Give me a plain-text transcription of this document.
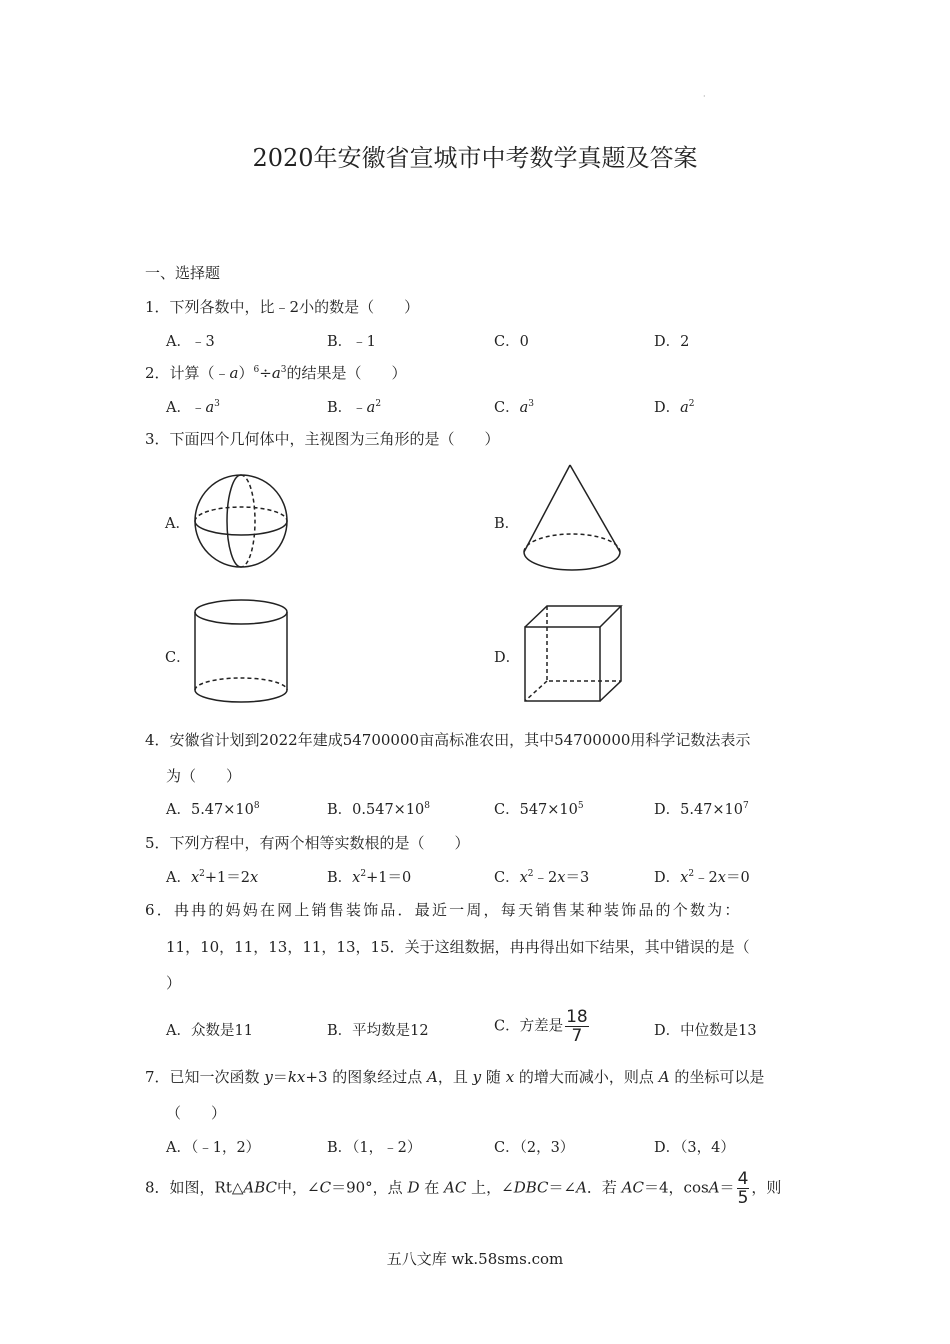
·
2020年安徽省宣城市中考数学真题及答案
一、选择题
1．下列各数中，比﹣2小的数是（　　）
A．﹣3	B．﹣1	C．0	D．2
2．计算$(﹣a)^6\div a^3$的结果是（　　）
A．$﹣a^3$	B．$﹣a^2$	C．$a^3$	D．$a^2$
3．下面四个几何体中，主视图为三角形的是（　　）
A．	B．
C．	D．
4．安徽省计划到2022年建成54700000亩高标准农田，其中54700000用科学记数法表示
为（　　）
A．$5.47\times 10^8$	B．$0.547\times 10^8$	C．$547\times 10^5$	D．$5.47\times 10^7$
5．下列方程中，有两个相等实数根的是（　　）
A．$x^2+1=2x$	B．$x^2+1=0$	C．$x^2﹣2x=3$	D．$x^2﹣2x=0$
6．冉冉的妈妈在网上销售装饰品．最近一周，每天销售某种装饰品的个数为：
11，10，11，13，11，13，15．关于这组数据，冉冉得出如下结果，其中错误的是（
）
A．众数是11	B．平均数是12	C．方差是 $\frac{18}{7}$	D．中位数是13
7．已知一次函数 y＝kx+3 的图象经过点 A，且 y 随 x 的增大而减小，则点 A 的坐标可以是
（　　）
A．（﹣1，2）	B．（1，﹣2）	C．（2，3）	D．（3，4）
8．如图，Rt△ABC中，∠C＝90°，点 D 在 AC 上，∠DBC＝∠A．若 AC＝4，$\cos A= \frac{4}{5}$ ，则
五八文库 wk.58sms.com
